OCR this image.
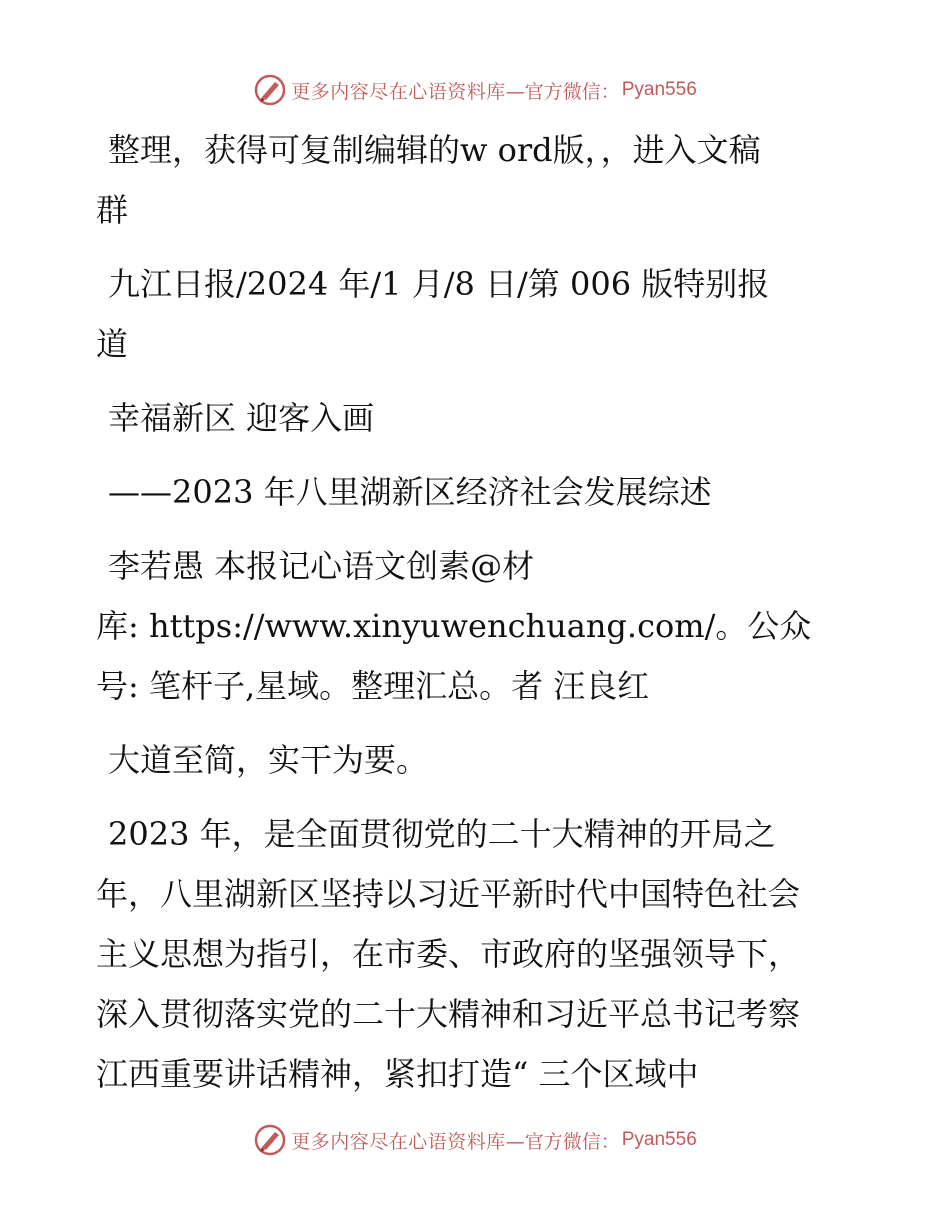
更多内容尽在心语资料库 —官方微信： Pyan556

整理，获得可复制编辑的w ord版，，进入文稿

群

九江日报/2024 年/1 月/8 日/第 006 版特别报

道

幸福新区 迎客入画

——2023 年八里湖新区经济社会发展综述

李若愚 本报记心语文创素@材

库: https://www.xinyuwenchuang.com/。公众

号: 笔杆子,星域。整理汇总。者 汪良红

大道至简，实干为要。

2023 年，是全面贯彻党的二十大精神的开局之

年，八里湖新区坚持以习近平新时代中国特色社会

主义思想为指引，在市委、市政府的坚强领导下，

深入贯彻落实党的二十大精神和习近平总书记考察

江西重要讲话精神，紧扣打造“ 三个区域中

更多内容尽在心语资料库 —官方微信： Pyan556
